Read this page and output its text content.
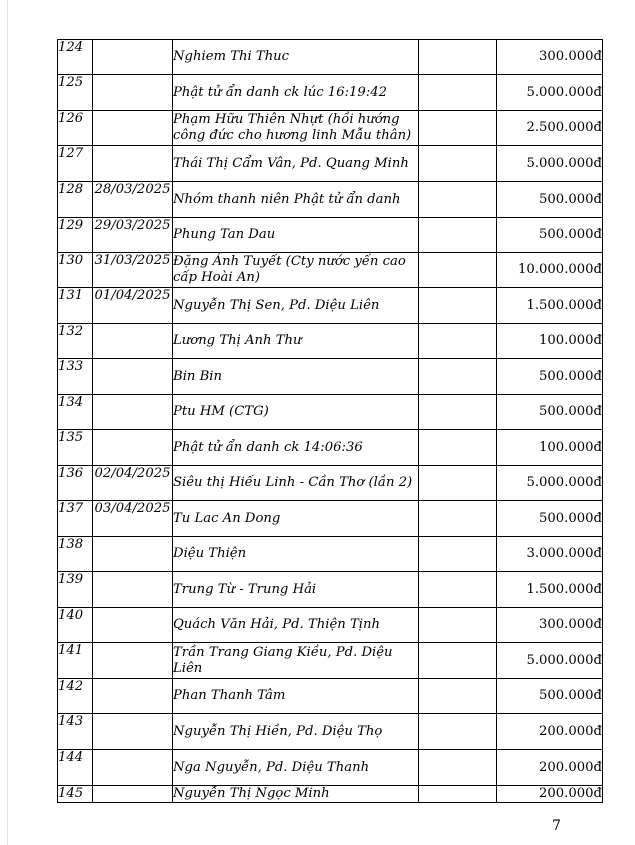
124		Nghiem Thi Thuc		300.000đ
125		Phật tử ẩn danh ck lúc 16:19:42		5.000.000đ
126		Phạm Hữu Thiên Nhựt (hồi hướng công đức cho hương linh Mẫu thân)		2.500.000đ
127		Thái Thị Cẩm Vân, Pd. Quang Minh		5.000.000đ
128	28/03/2025	Nhóm thanh niên Phật tử ẩn danh		500.000đ
129	29/03/2025	Phung Tan Dau		500.000đ
130	31/03/2025	Đặng Ánh Tuyết (Cty nước yến cao cấp Hoài An)		10.000.000đ
131	01/04/2025	Nguyễn Thị Sen, Pd. Diệu Liên		1.500.000đ
132		Lương Thị Anh Thư		100.000đ
133		Bin Bin		500.000đ
134		Ptu HM (CTG)		500.000đ
135		Phật tử ẩn danh ck 14:06:36		100.000đ
136	02/04/2025	Siêu thị Hiếu Linh - Cần Thơ (lần 2)		5.000.000đ
137	03/04/2025	Tu Lac An Dong		500.000đ
138		Diệu Thiện		3.000.000đ
139		Trung Từ - Trung Hải		1.500.000đ
140		Quách Văn Hải, Pd. Thiện Tịnh		300.000đ
141		Trần Trang Giang Kiều, Pd. Diệu Liên		5.000.000đ
142		Phan Thanh Tâm		500.000đ
143		Nguyễn Thị Hiền, Pd. Diệu Thọ		200.000đ
144		Nga Nguyễn, Pd. Diệu Thanh		200.000đ
145		Nguyễn Thị Ngọc Minh		200.000đ
7
